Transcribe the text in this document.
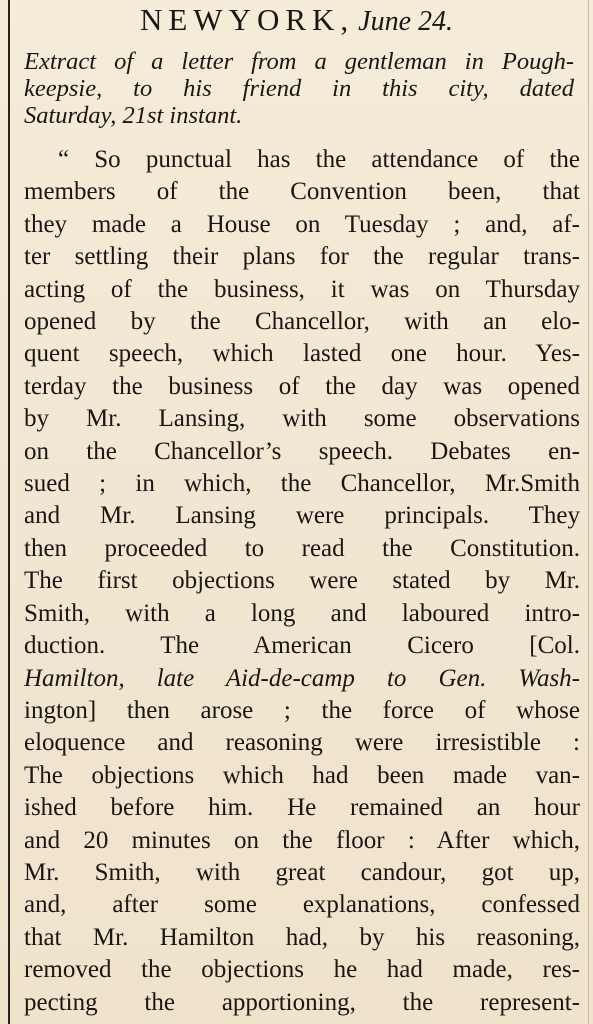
NEWYORK, June 24.
Extract of a letter from a gentleman in Pough-
keepsie, to his friend in this city, dated
Saturday, 21st instant.
“ So punctual has the attendance of the
members of the Convention been, that
they made a House on Tuesday ; and, af-
ter settling their plans for the regular trans-
acting of the business, it was on Thursday
opened by the Chancellor, with an elo-
quent speech, which lasted one hour. Yes-
terday the business of the day was opened
by Mr. Lansing, with some observations
on the Chancellor’s speech. Debates en-
sued ; in which, the Chancellor, Mr.Smith
and Mr. Lansing were principals. They
then proceeded to read the Constitution.
The first objections were stated by Mr.
Smith, with a long and laboured intro-
duction. The American Cicero [Col.
Hamilton, late Aid-de-camp to Gen. Wash-
ington] then arose ; the force of whose
eloquence and reasoning were irresistible :
The objections which had been made van-
ished before him. He remained an hour
and 20 minutes on the floor : After which,
Mr. Smith, with great candour, got up,
and, after some explanations, confessed
that Mr. Hamilton had, by his reasoning,
removed the objections he had made, res-
pecting the apportioning, the represent-
